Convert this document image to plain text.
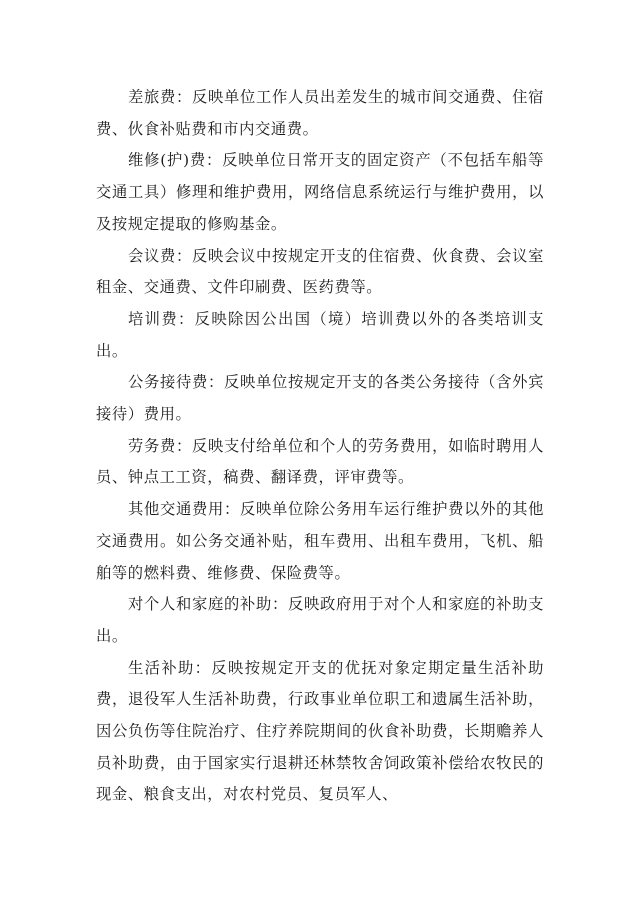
差旅费：反映单位工作人员出差发生的城市间交通费、住宿费、伙食补贴费和市内交通费。

维修(护)费：反映单位日常开支的固定资产（不包括车船等交通工具）修理和维护费用，网络信息系统运行与维护费用，以及按规定提取的修购基金。

会议费：反映会议中按规定开支的住宿费、伙食费、会议室租金、交通费、文件印刷费、医药费等。

培训费：反映除因公出国（境）培训费以外的各类培训支出。

公务接待费：反映单位按规定开支的各类公务接待（含外宾接待）费用。

劳务费：反映支付给单位和个人的劳务费用，如临时聘用人员、钟点工工资，稿费、翻译费，评审费等。

其他交通费用：反映单位除公务用车运行维护费以外的其他交通费用。如公务交通补贴，租车费用、出租车费用，飞机、船舶等的燃料费、维修费、保险费等。

对个人和家庭的补助：反映政府用于对个人和家庭的补助支出。

生活补助：反映按规定开支的优抚对象定期定量生活补助费，退役军人生活补助费，行政事业单位职工和遗属生活补助，因公负伤等住院治疗、住疗养院期间的伙食补助费，长期赡养人员补助费，由于国家实行退耕还林禁牧舍饲政策补偿给农牧民的现金、粮食支出，对农村党员、复员军人、
